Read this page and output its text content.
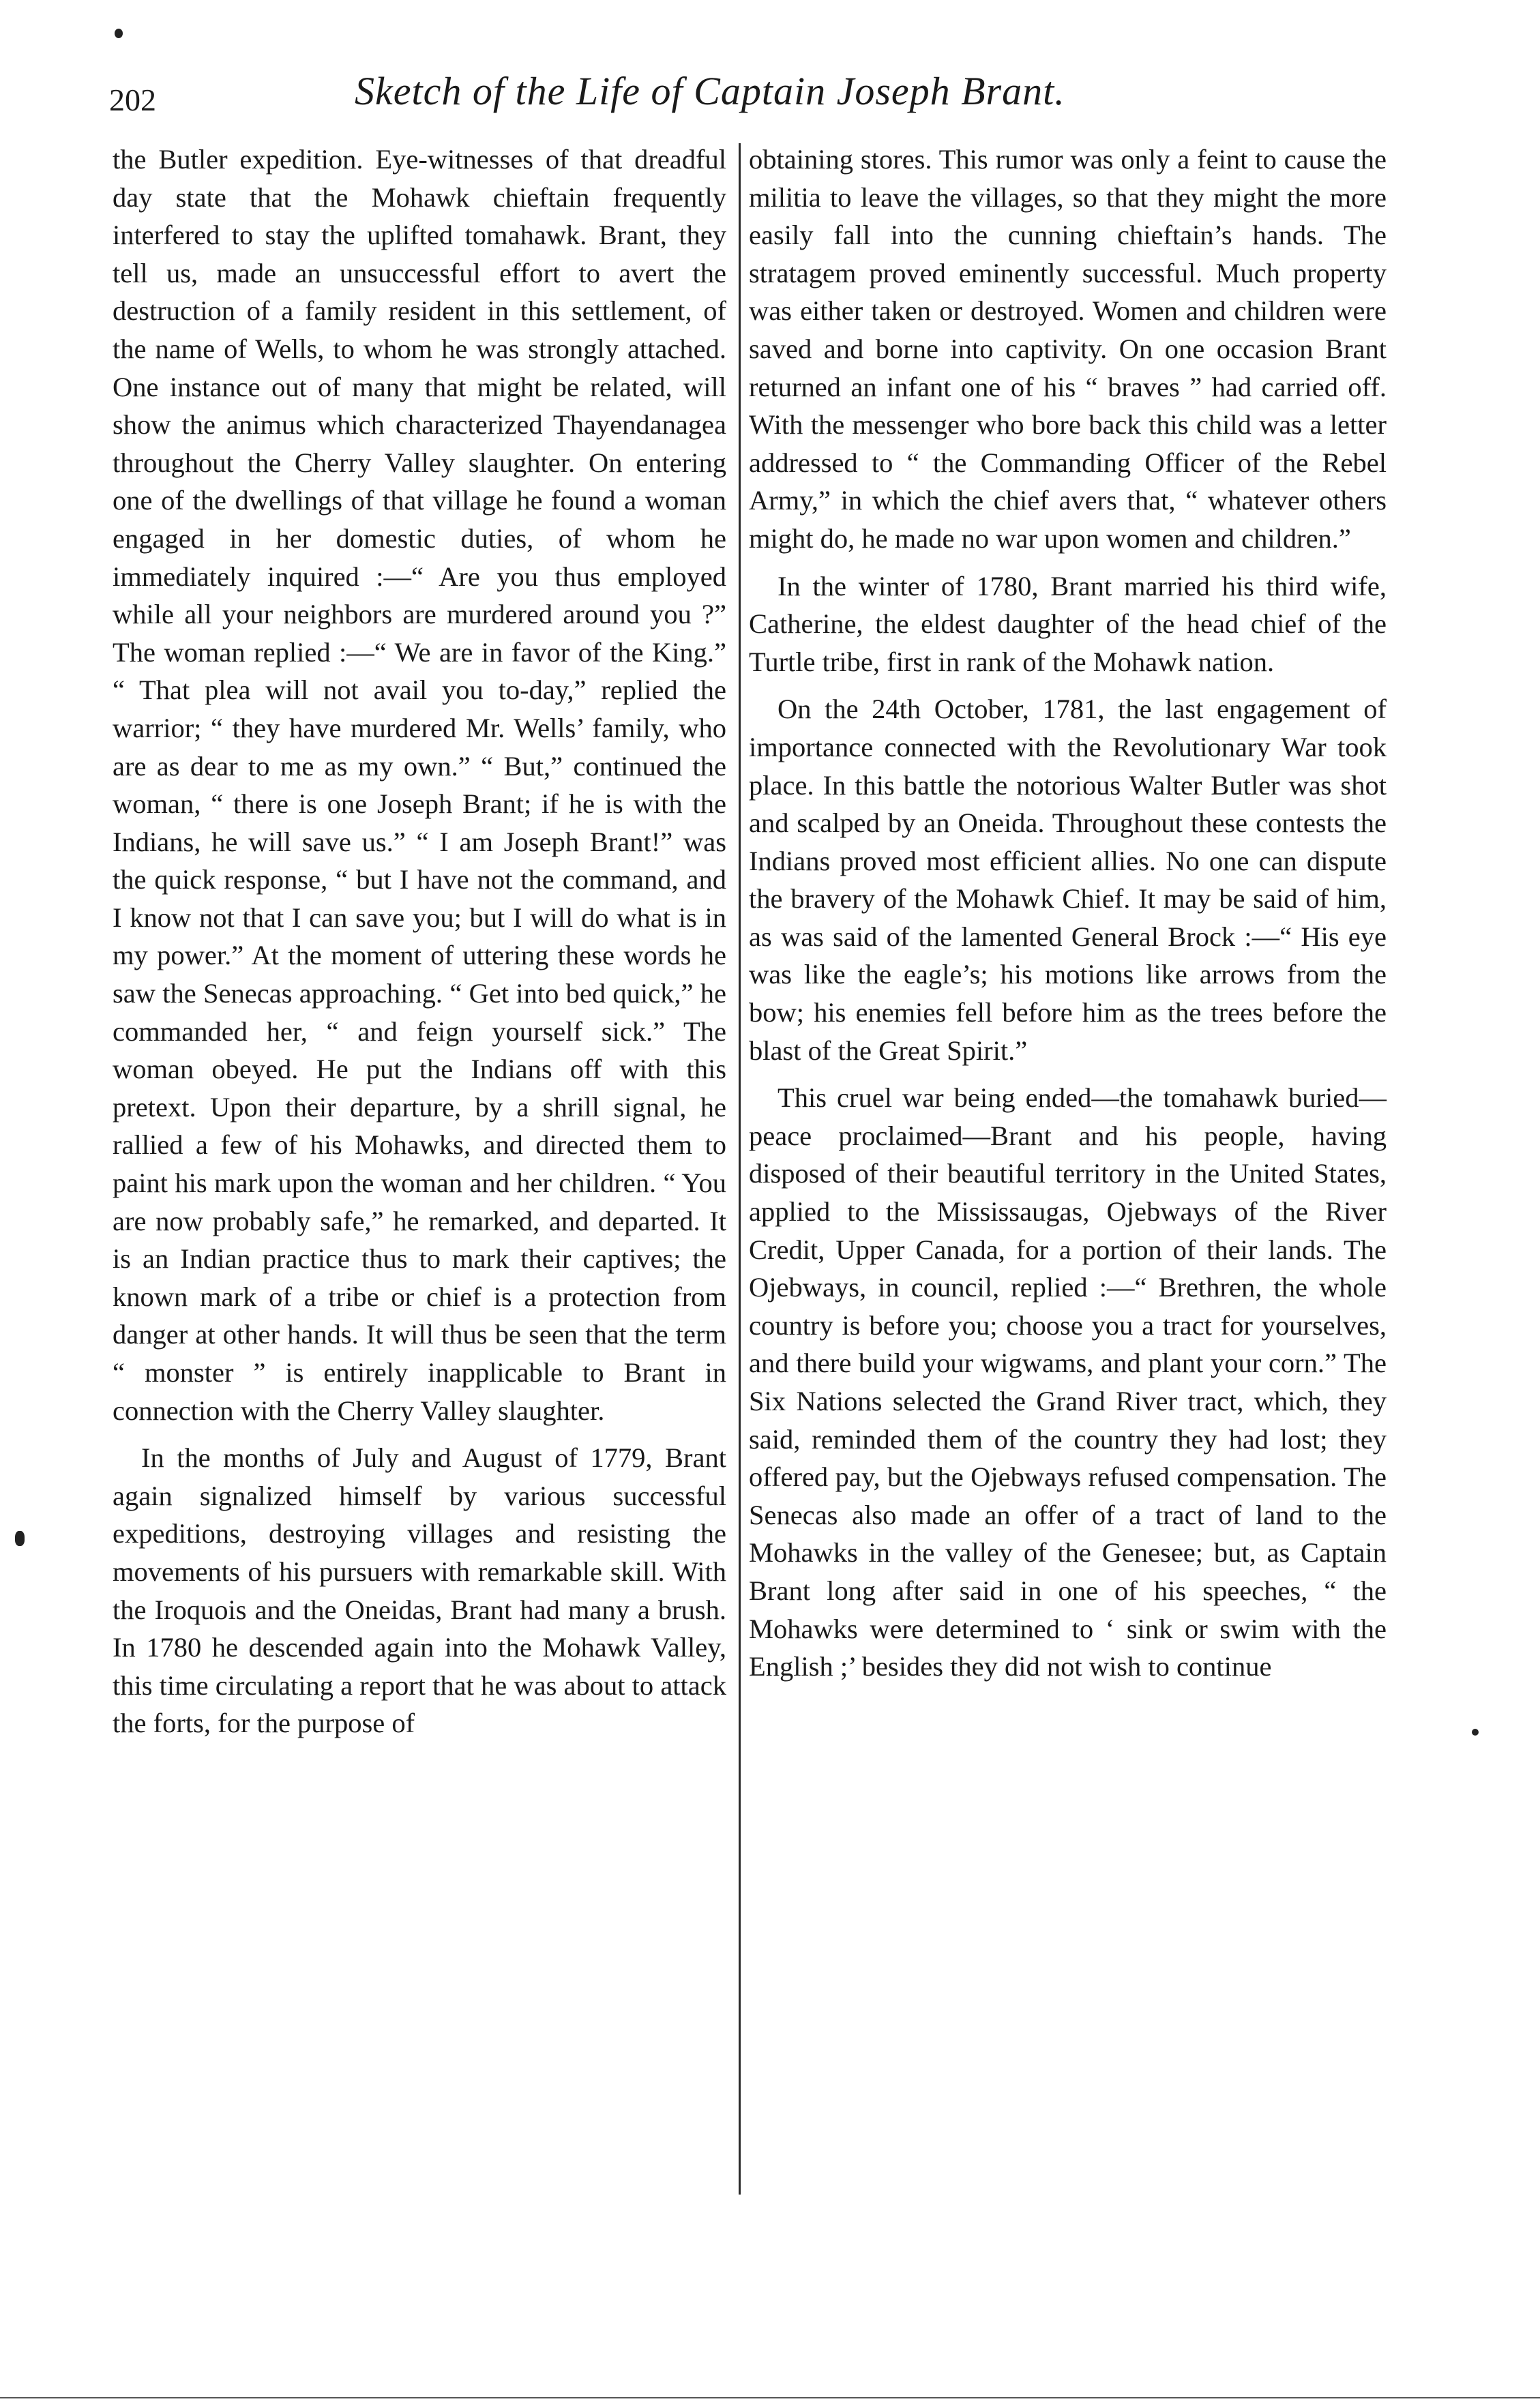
202	Sketch of the Life of Captain Joseph Brant.

the Butler expedition. Eye-witnesses of that dreadful day state that the Mohawk chieftain frequently interfered to stay the uplifted tomahawk. Brant, they tell us, made an unsuccessful effort to avert the destruction of a family resident in this settlement, of the name of Wells, to whom he was strongly attached. One instance out of many that might be related, will show the animus which characterized Thayendanagea throughout the Cherry Valley slaughter. On entering one of the dwellings of that village he found a woman engaged in her domestic duties, of whom he immediately inquired :—“ Are you thus employed while all your neighbors are murdered around you ?” The woman replied :—“ We are in favor of the King.” “ That plea will not avail you to-day,” replied the warrior; “ they have murdered Mr. Wells’ family, who are as dear to me as my own.” “ But,” continued the woman, “ there is one Joseph Brant; if he is with the Indians, he will save us.” “ I am Joseph Brant!” was the quick response, “ but I have not the command, and I know not that I can save you; but I will do what is in my power.” At the moment of uttering these words he saw the Senecas approaching. “ Get into bed quick,” he commanded her, “ and feign yourself sick.” The woman obeyed. He put the Indians off with this pretext. Upon their departure, by a shrill signal, he rallied a few of his Mohawks, and directed them to paint his mark upon the woman and her children. “ You are now probably safe,” he remarked, and departed. It is an Indian practice thus to mark their captives; the known mark of a tribe or chief is a protection from danger at other hands. It will thus be seen that the term “ monster ” is entirely inapplicable to Brant in connection with the Cherry Valley slaughter.

In the months of July and August of 1779, Brant again signalized himself by various successful expeditions, destroying villages and resisting the movements of his pursuers with remarkable skill. With the Iroquois and the Oneidas, Brant had many a brush. In 1780 he descended again into the Mohawk Valley, this time circulating a report that he was about to attack the forts, for the purpose of

obtaining stores. This rumor was only a feint to cause the militia to leave the villages, so that they might the more easily fall into the cunning chieftain’s hands. The stratagem proved eminently successful. Much property was either taken or destroyed. Women and children were saved and borne into captivity. On one occasion Brant returned an infant one of his “ braves ” had carried off. With the messenger who bore back this child was a letter addressed to “ the Commanding Officer of the Rebel Army,” in which the chief avers that, “ whatever others might do, he made no war upon women and children.”

In the winter of 1780, Brant married his third wife, Catherine, the eldest daughter of the head chief of the Turtle tribe, first in rank of the Mohawk nation.

On the 24th October, 1781, the last engagement of importance connected with the Revolutionary War took place. In this battle the notorious Walter Butler was shot and scalped by an Oneida. Throughout these contests the Indians proved most efficient allies. No one can dispute the bravery of the Mohawk Chief. It may be said of him, as was said of the lamented General Brock :—“ His eye was like the eagle’s; his motions like arrows from the bow; his enemies fell before him as the trees before the blast of the Great Spirit.”

This cruel war being ended—the tomahawk buried—peace proclaimed—Brant and his people, having disposed of their beautiful territory in the United States, applied to the Mississaugas, Ojebways of the River Credit, Upper Canada, for a portion of their lands. The Ojebways, in council, replied :—“ Brethren, the whole country is before you; choose you a tract for yourselves, and there build your wigwams, and plant your corn.” The Six Nations selected the Grand River tract, which, they said, reminded them of the country they had lost; they offered pay, but the Ojebways refused compensation. The Senecas also made an offer of a tract of land to the Mohawks in the valley of the Genesee; but, as Captain Brant long after said in one of his speeches, “ the Mohawks were determined to ‘ sink or swim with the English ;’ besides they did not wish to continue
